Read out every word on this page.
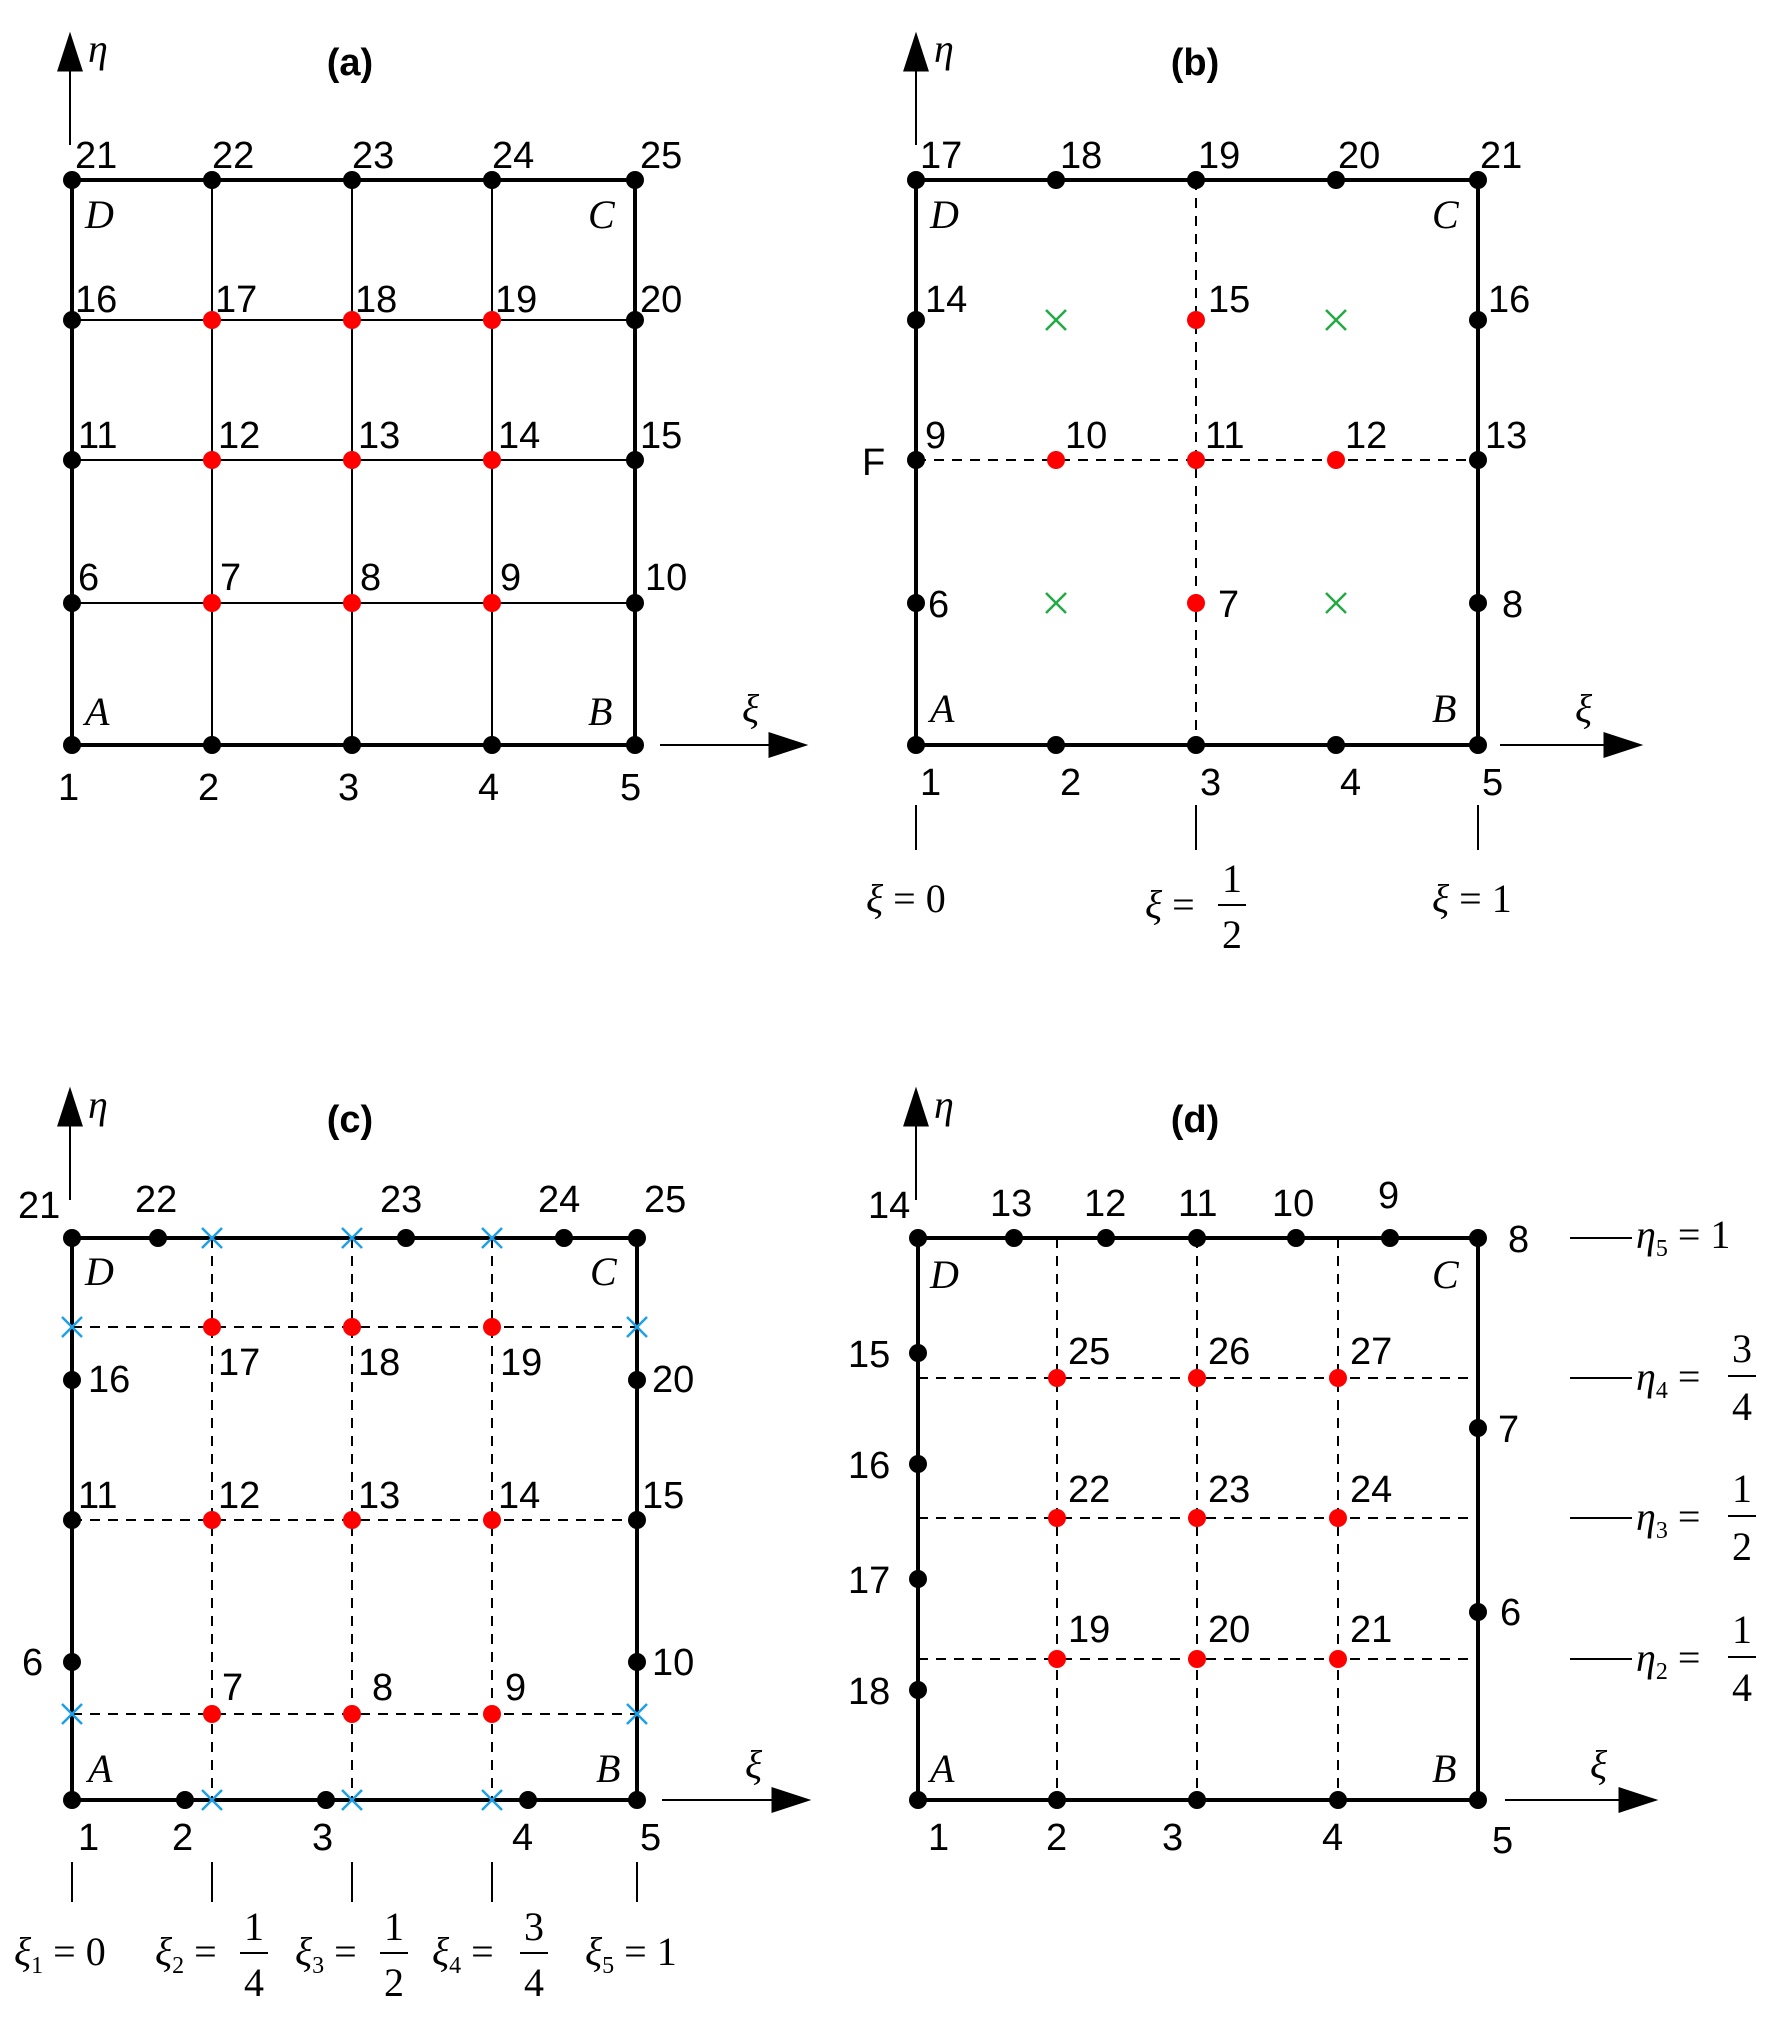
(a)
η
ξ
D	C
A	B
1	2	3	4	5
6	7	8	9	10
11	12	13	14	15
16	17	18	19	20
21 22	23	24	25
(b)
η
ξ
D	C
A	B
F
1	2	3	4	5
6	7	8
9	10	11	12	13
14	15	16
17	18	19	20	21
ξ = 0	ξ =
1
2
ξ = 1
(c)
η
ξ
D	C
A	B
1 2	3	4	5
6
7	8	9
10
11	12	13	14	15
16 17	18	19	20
21 22	23	24 25
$\xi_1 = 0$ $\xi_2$ =
1
4
$\xi_3$ =
1
2
$\xi_4$ =
3
4
$\xi_5 = 1$
(d)
η
ξ
D	C
A	B
1	2 3	4	5
6
7
8
9
10
11
12
13
14
15
16
17
18
19	20	21
22	23	24
25	26	27
$\eta_5 = 1$
$\eta_4$ =
3
4
$\eta_3$ =
1
2
$\eta_2$ =
1
4
